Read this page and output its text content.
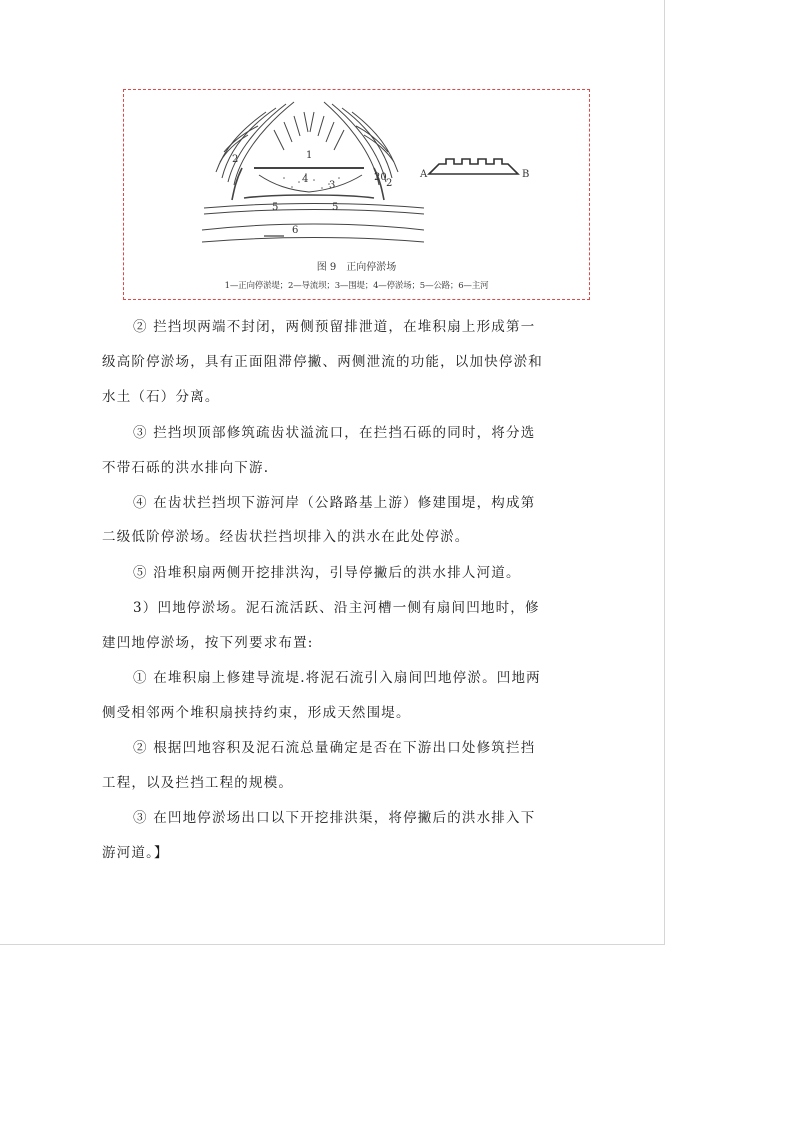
1
2
2
3
4
5	5
6
20	A	B
图 9　正向停淤场
1—正向停淤堤；2—导流坝；3—围堤；4—停淤场；5—公路；6—主河

② 拦挡坝两端不封闭，两侧预留排泄道，在堆积扇上形成第一

级高阶停淤场，具有正面阻滞停撇、两侧泄流的功能，以加快停淤和

水土（石）分离。

③ 拦挡坝顶部修筑疏齿状溢流口，在拦挡石砾的同时，将分选

不带石砾的洪水排向下游.

④ 在齿状拦挡坝下游河岸（公路路基上游）修建围堤，构成第

二级低阶停淤场。经齿状拦挡坝排入的洪水在此处停淤。

⑤ 沿堆积扇两侧开挖排洪沟，引导停撇后的洪水排人河道。

3）凹地停淤场。泥石流活跃、沿主河槽一侧有扇间凹地时，修

建凹地停淤场，按下列要求布置:

① 在堆积扇上修建导流堤.将泥石流引入扇间凹地停淤。凹地两

侧受相邻两个堆积扇挟持约束，形成天然围堤。

② 根据凹地容积及泥石流总量确定是否在下游出口处修筑拦挡

工程，以及拦挡工程的规模。

③ 在凹地停淤场出口以下开挖排洪渠，将停撇后的洪水排入下

游河道。】
